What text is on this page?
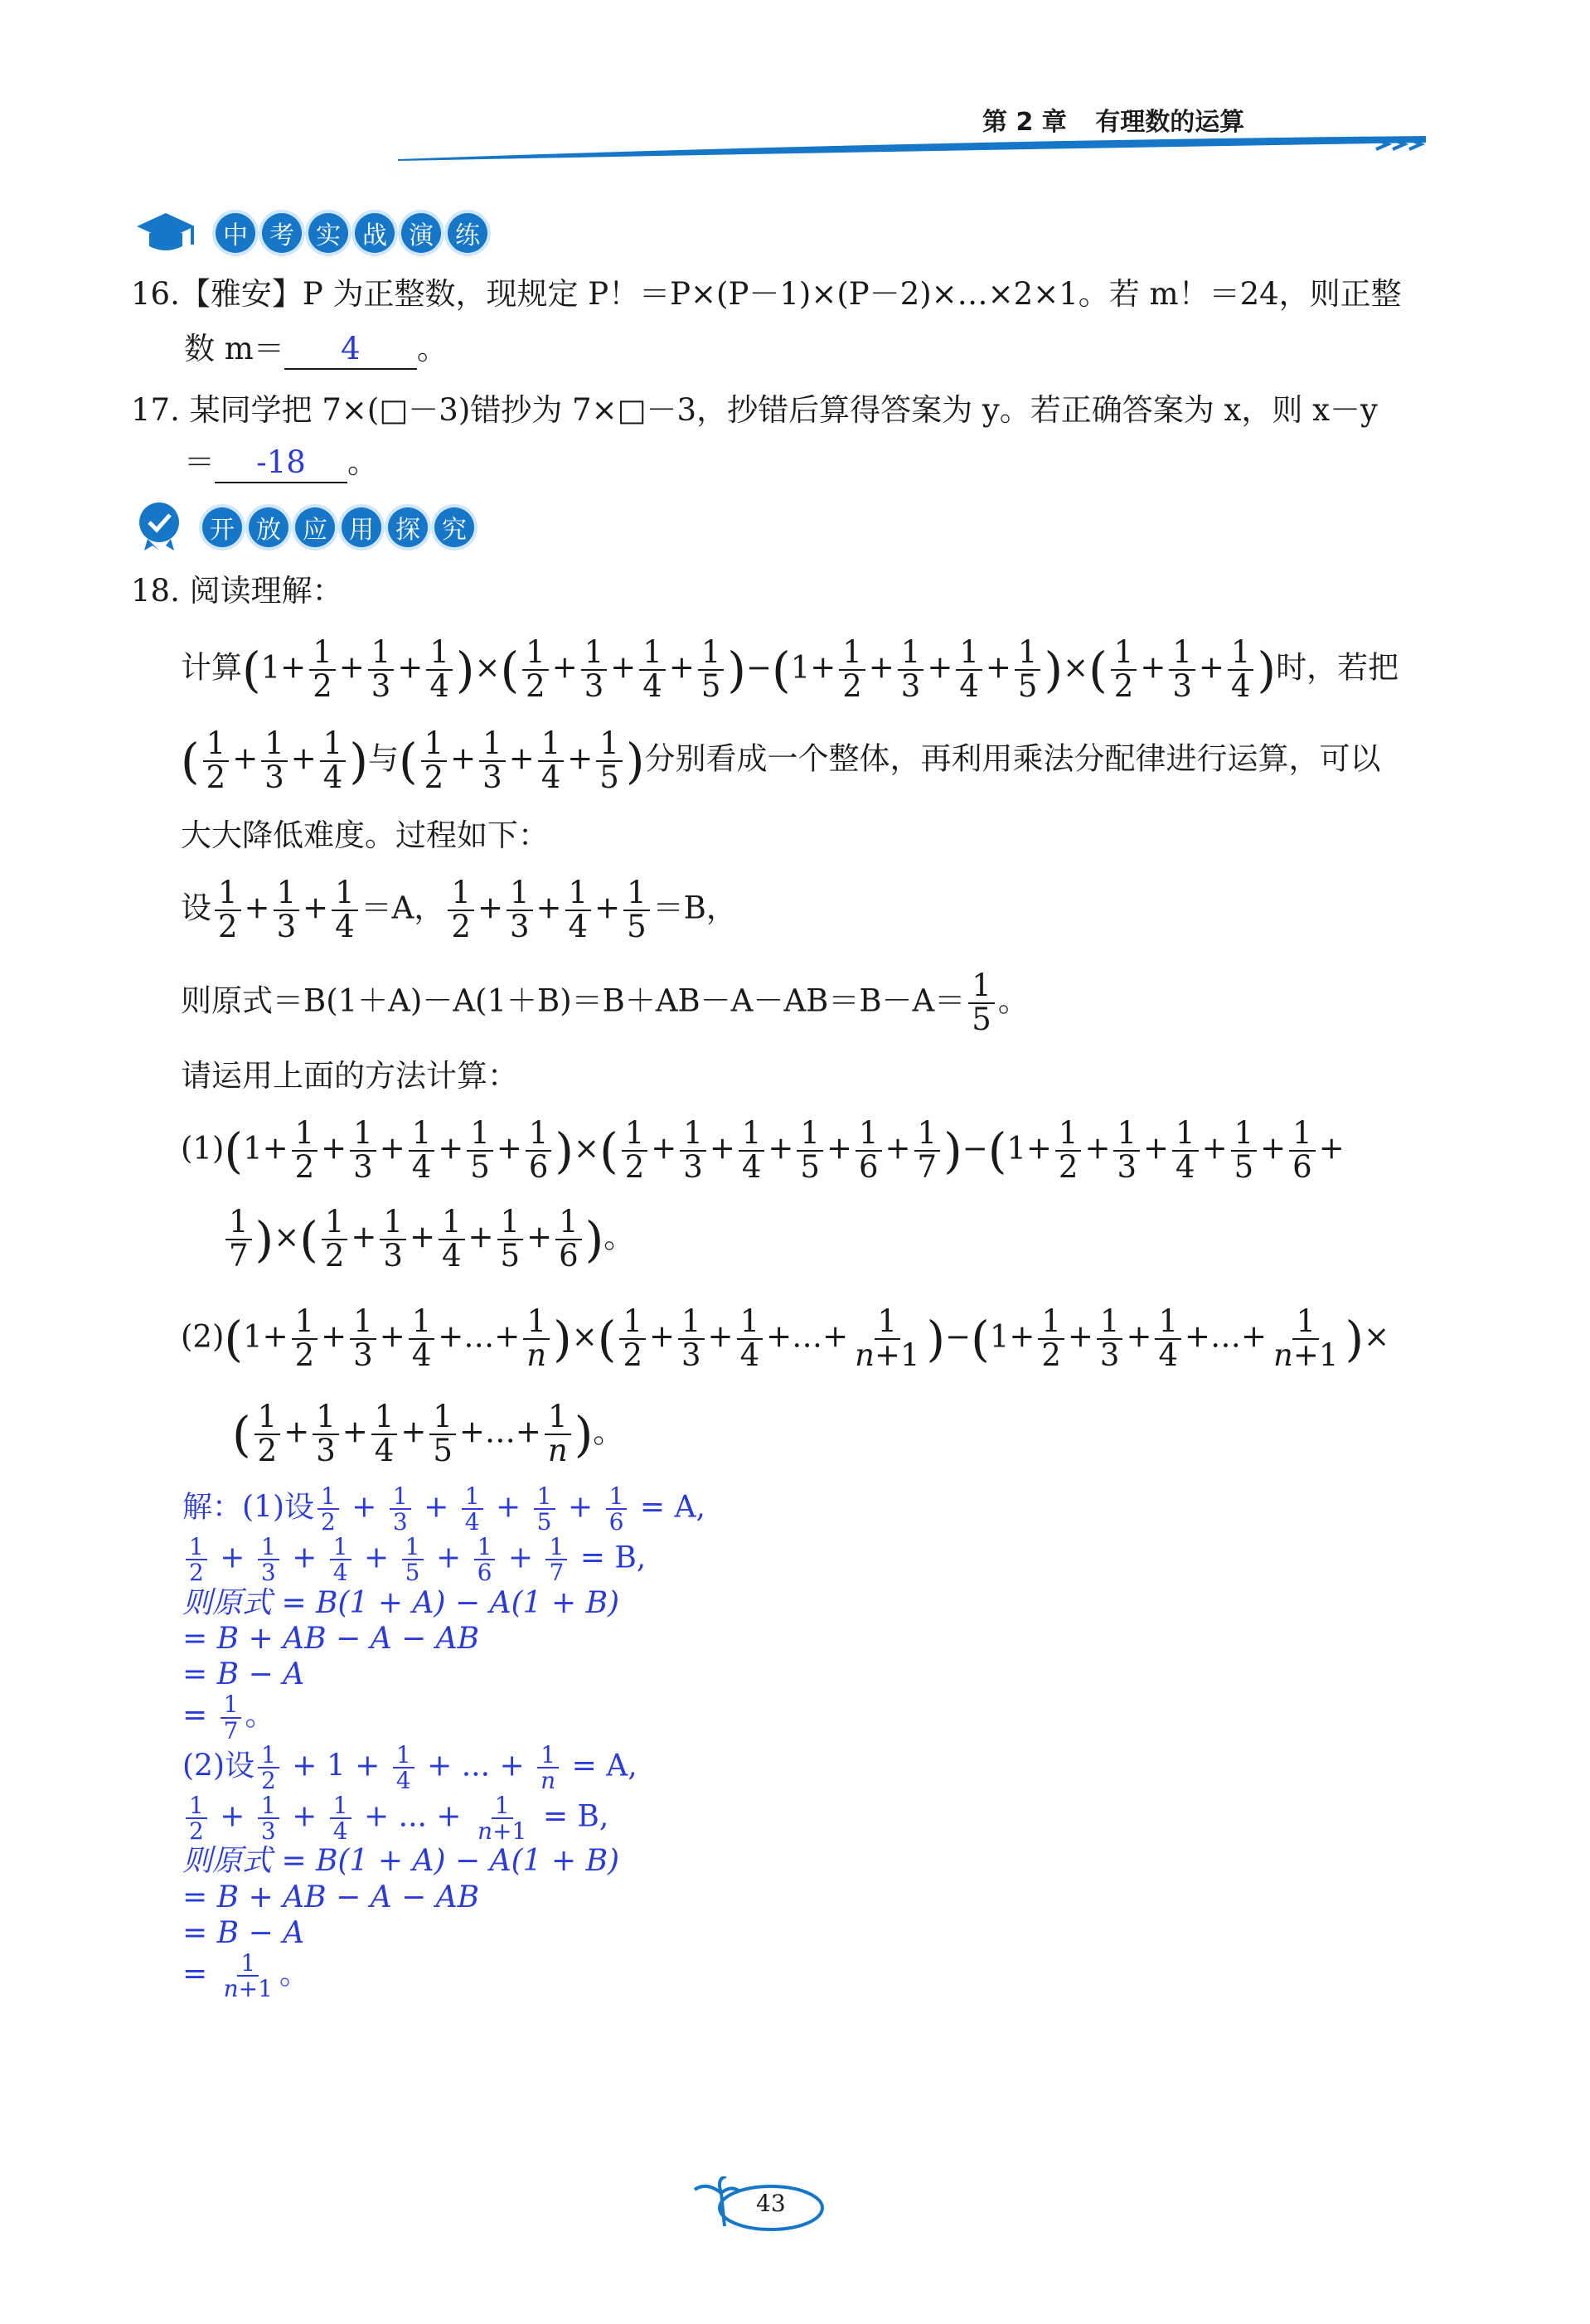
第 2 章 有理数的运算
中 考 实 战 演 练
16.【雅安】P 为正整数，现规定 P！＝P×(P－1)×(P－2)×…×2×1。若 m！＝24，则正整
数 m＝ 4 。
17. 某同学把 7×(□－3)错抄为 7×□－3，抄错后算得答案为 y。若正确答案为 x，则 x－y
＝ -18 。
开 放 应 用 探 究
18. 阅读理解：
计算($1+ \frac{1}{2} + \frac{1}{3} + \frac{1}{4}$ )×( $\frac{1}{2} + \frac{1}{3} + \frac{1}{4} + \frac{1}{5} )-(1+ \frac{1}{2} + \frac{1}{3} + \frac{1}{4} + \frac{1}{5}$ )×( $\frac{1}{2} + \frac{1}{3} + \frac{1}{4}$ )时，若把
( $\frac{1}{2} + \frac{1}{3} + \frac{1}{4}$ )与( $\frac{1}{2} + \frac{1}{3} + \frac{1}{4} + \frac{1}{5}$ )分别看成一个整体，再利用乘法分配律进行运算，可以
大大降低难度。过程如下：
设 $\frac{1}{2} + \frac{1}{3} + \frac{1}{4} =A$， $\frac{1}{2} + \frac{1}{3} + \frac{1}{4} + \frac{1}{5} =B$，
则原式$=B(1+A)-A(1+B)=B+AB-A-AB=B-A= \frac{1}{5}$ 。
请运用上面的方法计算：
$(1)(1+ \frac{1}{2} + \frac{1}{3} + \frac{1}{4} + \frac{1}{5} + \frac{1}{6}$ )×( $\frac{1}{2} + \frac{1}{3} + \frac{1}{4} + \frac{1}{5} + \frac{1}{6} + \frac{1}{7} )-(1+ \frac{1}{2} + \frac{1}{3} + \frac{1}{4} + \frac{1}{5} + \frac{1}{6}$ +
$\frac{1}{7}$ )×( $\frac{1}{2} + \frac{1}{3} + \frac{1}{4} + \frac{1}{5} + \frac{1}{6}$ )。
$(2)(1+ \frac{1}{2} + \frac{1}{3} + \frac{1}{4}$ +…+ $\frac{1}{n}$ )×( $\frac{1}{2} + \frac{1}{3} + \frac{1}{4}$ +…+ $\frac{1}{n+1} )-(1+ \frac{1}{2} + \frac{1}{3} + \frac{1}{4}$ +…+ $\frac{1}{n+1}$ )×
( $\frac{1}{2} + \frac{1}{3} + \frac{1}{4} + \frac{1}{5}$ +…+ $\frac{1}{n}$ )。
解：(1)设 $\frac{1}{2} + \frac{1}{3} + \frac{1}{4} + \frac{1}{5} + \frac{1}{6} = A$,
$\frac{1}{2} + \frac{1}{3} + \frac{1}{4} + \frac{1}{5} + \frac{1}{6} + \frac{1}{7} = B$,
则原式 = B(1 + A) − A(1 + B)
= B + AB − A − AB
= B − A
= $\frac{1}{7}$ 。
(2)设 $\frac{1}{2} + 1 + \frac{1}{4}$ + ... + $\frac{1}{n} = A$,
$\frac{1}{2} + \frac{1}{3} + \frac{1}{4}$ + ... + $\frac{1}{n+1} = B$,
则原式 = B(1 + A) − A(1 + B)
= B + AB − A − AB
= B − A
= $\frac{1}{n+1}$ 。
43
